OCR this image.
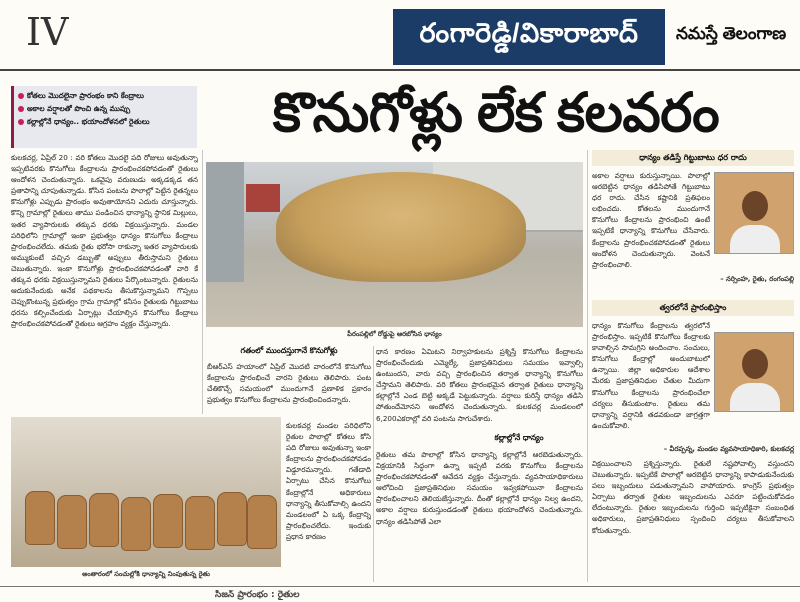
IV	రంగారెడ్డి/వికారాబాద్	నమస్తే తెలంగాణ
కోతలు మొదలైనా ప్రారంభం కాని కేంద్రాలు
అకాల వర్షాలతో పొంచి ఉన్న ముప్పు
కల్లాల్లోనే ధాన్యం.. భయాందోళనలో రైతులు	కొనుగోళ్లు లేక కలవరం
కులకచర్ల, ఏప్రిల్ 20 : వరి కోతలు మొదలై పది రోజులు అవుతున్నా ఇప్పటివరకు కొనుగోలు కేంద్రాలను ప్రారంభించకపోవడంతో రైతులు ఆందోళన చెందుతున్నారు. ఒకవైపు వరుణుడు అక్కడక్కడ తన ప్రతాపాన్ని చూపుతున్నాడు. కోసిన పంటను పొలాల్లో పెట్టిన రైతన్నలు కొనుగోళ్లు ఎప్పుడు ప్రారంభం అవుతాయోనని ఎదురు చూస్తున్నారు. కొన్ని గ్రామాల్లో రైతులు తాము పండించిన ధాన్యాన్ని స్థానిక మిల్లులు, ఇతర వ్యాపారులకు తక్కువ ధరకు విక్రయిస్తున్నారు. మండల పరిధిలోని గ్రామాల్లో ఇంకా ప్రభుత్వం ధాన్యం కొనుగోలు కేంద్రాలు ప్రారంభించలేదు. తమకు రైతు భరోసా రాకున్నా ఇతర వ్యాపారులకు అమ్ముకుంటే వచ్చిన డబ్బుతో అప్పులు తీరుస్తామని రైతులు చెబుతున్నారు. ఇంకా కొనుగోళ్లు ప్రారంభించకపోవడంతో వారి కే తక్కువ ధరకు విక్రయిస్తున్నామని రైతులు పేర్కొంటున్నారు. రైతులను ఆదుకునేందుకు అనేక పథకాలను తీసుకొస్తున్నామని గొప్పలు చెప్పుకొంటున్న ప్రభుత్వం గ్రామ గ్రామాల్లో కనీసం రైతులకు గిట్టుబాటు ధరను కల్పించేందుకు ఏర్పాట్లు చేయాల్సిన కొనుగోలు కేంద్రాలు ప్రారంభించకపోవడంతో రైతులు ఆగ్రహం వ్యక్తం చేస్తున్నారు.
పీరంపల్లిలో రోడ్డుపై ఆరబోసిన ధాన్యం
గతంలో ముందస్తుగానే కొనుగోళ్లు
బీఆర్ఎస్ హయాంలో ఏప్రిల్ మొదటి వారంలోనే కొనుగోలు కేంద్రాలను ప్రారంభించే వారని రైతులు తెలిపారు. పంట చేతికొచ్చే సమయంలో ముందుగానే ప్రణాళిక ప్రకారం ప్రభుత్వం కొనుగోలు కేంద్రాలను ప్రారంభించిందన్నారు.
అంతారంలో సంచుల్లోకి ధాన్యాన్ని నింపుతున్న రైతు
కులకచర్ల మండల పరిధిలోని రైతుల పొలాల్లో కోతలు కోసి పది రోజులు అవుతున్నా ఇంకా కేంద్రాలను ప్రారంభించకపోవడం విడ్డూరమన్నారు. గతేడాది ఏర్పాటు చేసిన కొనుగోలు కేంద్రాల్లోనే అధికారులు ధాన్యాన్ని తీసుకోవాల్సి ఉందని మండలంలో ఏ ఒక్క కేంద్రాన్ని ప్రారంభించలేదు. ఇందుకు ప్రధాన కారణం
ధాన కారణం ఏమిటని నిర్వాహకులను ప్రశ్నిస్తే కొనుగోలు కేంద్రాలను ప్రారంభించేందుకు ఎమ్మెల్యే, ప్రజాప్రతినిధులు సమయం ఇవ్వాల్సి ఉంటుందని, వారు వచ్చి ప్రారంభించిన తర్వాత ధాన్యాన్ని కొనుగోలు చేస్తామని తెలిపారు. వరి కోతలు ప్రారంభమైన తర్వాత రైతులు ధాన్యాన్ని కల్లాల్లోనే ఎండ బెట్టి అక్కడే పెట్టుకున్నారు. వర్షాలు కురిస్తే ధాన్యం తడిసి పోతుందేమోనని ఆందోళన చెందుతున్నారు. కులకచర్ల మండలంలో 6,200ఎకరాల్లో వరి పంటను సాగుచేశారు.
కల్లాల్లోనే ధాన్యం
రైతులు తమ పొలాల్లో కోసిన ధాన్యాన్ని కల్లాల్లోనే ఆరబెడుతున్నారు. విక్రయానికి సిద్ధంగా ఉన్నా ఇప్పటి వరకు కొనుగోలు కేంద్రాలను ప్రారంభించకపోవడంతో ఆవేదన వ్యక్తం చేస్తున్నారు. వ్యవసాయాధికారులు ఆలోచించి ప్రజాప్రతినిధుల సమయం ఇవ్వకపోయినా కేంద్రాలను ప్రారంభించాలని తెలియజేస్తున్నారు. దీంతో కల్లాల్లోనే ధాన్యం నిల్వ ఉందని, అకాల వర్షాలు కురుస్తుండడంతో రైతులు భయాందోళన చెందుతున్నారు. ధాన్యం తడిసిపోతే ఎలా
ధాన్యం తడిస్తే గిట్టుబాటు ధర రాదు
అకాల వర్షాలు కురుస్తున్నాయి. పొలాల్లో ఆరబెట్టిన ధాన్యం తడిసిపోతే గిట్టుబాటు ధర రాదు. చేసిన కష్టానికి ప్రతిఫలం లభించదు. కోతలను ముందుగానే కొనుగోలు కేంద్రాలను ప్రారంభించి ఉంటే ఇప్పటికే ధాన్యాన్ని కొనుగోలు చేసేవారు. కేంద్రాలను ప్రారంభించకపోవడంతో రైతులు ఆందోళన చెందుతున్నారు. వెంటనే ప్రారంభించాలి.
– నర్సింహ, రైతు, రంగంపల్లి
త్వరలోనే ప్రారంభిస్తాం
ధాన్యం కొనుగోలు కేంద్రాలను త్వరలోనే ప్రారంభిస్తాం. ఇప్పటికే కొనుగోలు కేంద్రాలకు కావాల్సిన సామగ్రిని అందించాం. సంచులు, కొనుగోలు కేంద్రాల్లో అందుబాటులో ఉన్నాయి. జిల్లా అధికారుల ఆదేశాల మేరకు ప్రజాప్రతినిధుల చేతుల మీదుగా కొనుగోలు కేంద్రాలను ప్రారంభించేలా చర్యలు తీసుకుంటాం. రైతులు తమ ధాన్యాన్ని వర్షానికి తడవకుండా జాగ్రత్తగా ఉంచుకోవాలి.
– వీరప్పన్న, మండల వ్యవసాయాధికారి, కులకచర్ల
విక్రయించాలని ప్రశ్నిస్తున్నారు. రైతులే నష్టపోవాల్సి వస్తుందని చెబుతున్నారు. ఇప్పటికే పొలాల్లో ఆరబెట్టిన ధాన్యాన్ని కాపాడుకునేందుకు పలు ఇబ్బందులు పడుతున్నామని వాపోయారు. కాంగ్రెస్ ప్రభుత్వం ఏర్పాటు తర్వాత రైతుల ఇబ్బందులను ఎవరూ పట్టించుకోవడం లేదంటున్నారు. రైతుల ఇబ్బందులను గుర్తించి ఇప్పటికైనా సంబంధిత అధికారులు, ప్రజాప్రతినిధులు స్పందించి చర్యలు తీసుకోవాలని కోరుతున్నారు.
సీజన్ ప్రారంభం : రైతుల
